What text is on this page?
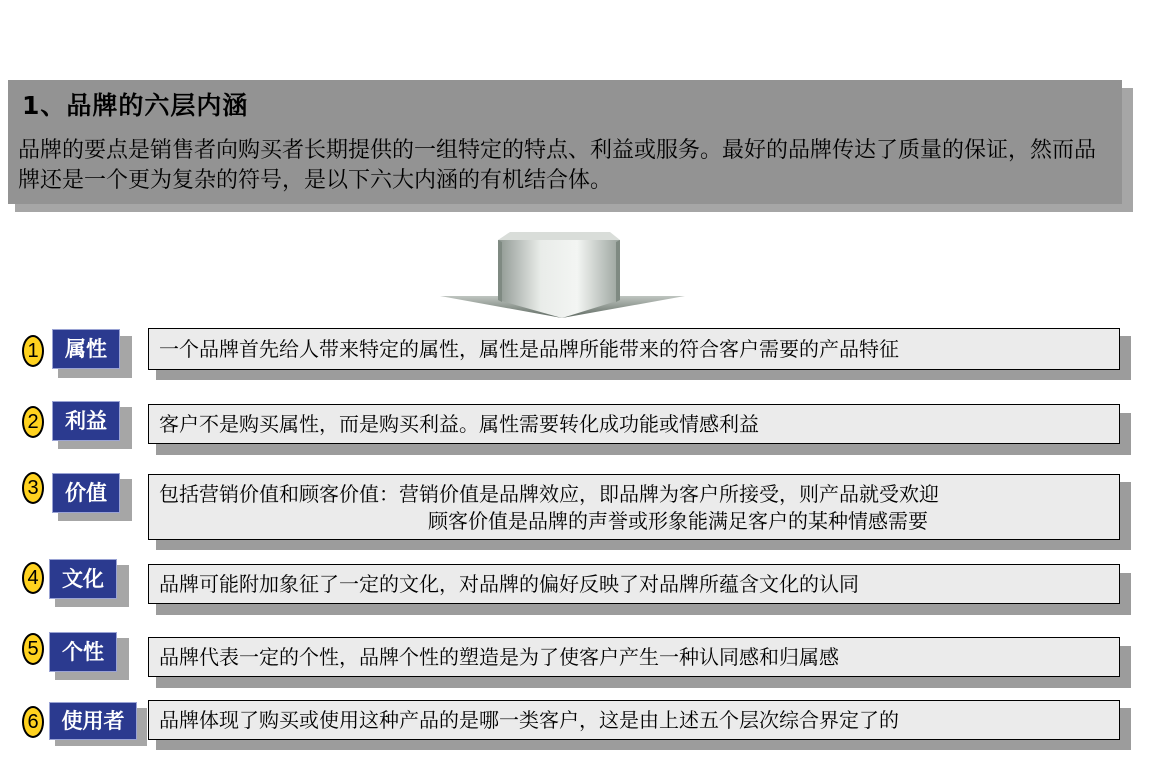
1、品牌的六层内涵
品牌的要点是销售者向购买者长期提供的一组特定的特点、利益或服务。最好的品牌传达了质量的保证，然而品牌还是一个更为复杂的符号，是以下六大内涵的有机结合体。
1	属性	一个品牌首先给人带来特定的属性，属性是品牌所能带来的符合客户需要的产品特征
2	利益	客户不是购买属性，而是购买利益。属性需要转化成功能或情感利益
3	价值	包括营销价值和顾客价值：营销价值是品牌效应，即品牌为客户所接受，则产品就受欢迎
顾客价值是品牌的声誉或形象能满足客户的某种情感需要
4	文化	品牌可能附加象征了一定的文化，对品牌的偏好反映了对品牌所蕴含文化的认同
5	个性	品牌代表一定的个性，品牌个性的塑造是为了使客户产生一种认同感和归属感
6	使用者	品牌体现了购买或使用这种产品的是哪一类客户，这是由上述五个层次综合界定了的
